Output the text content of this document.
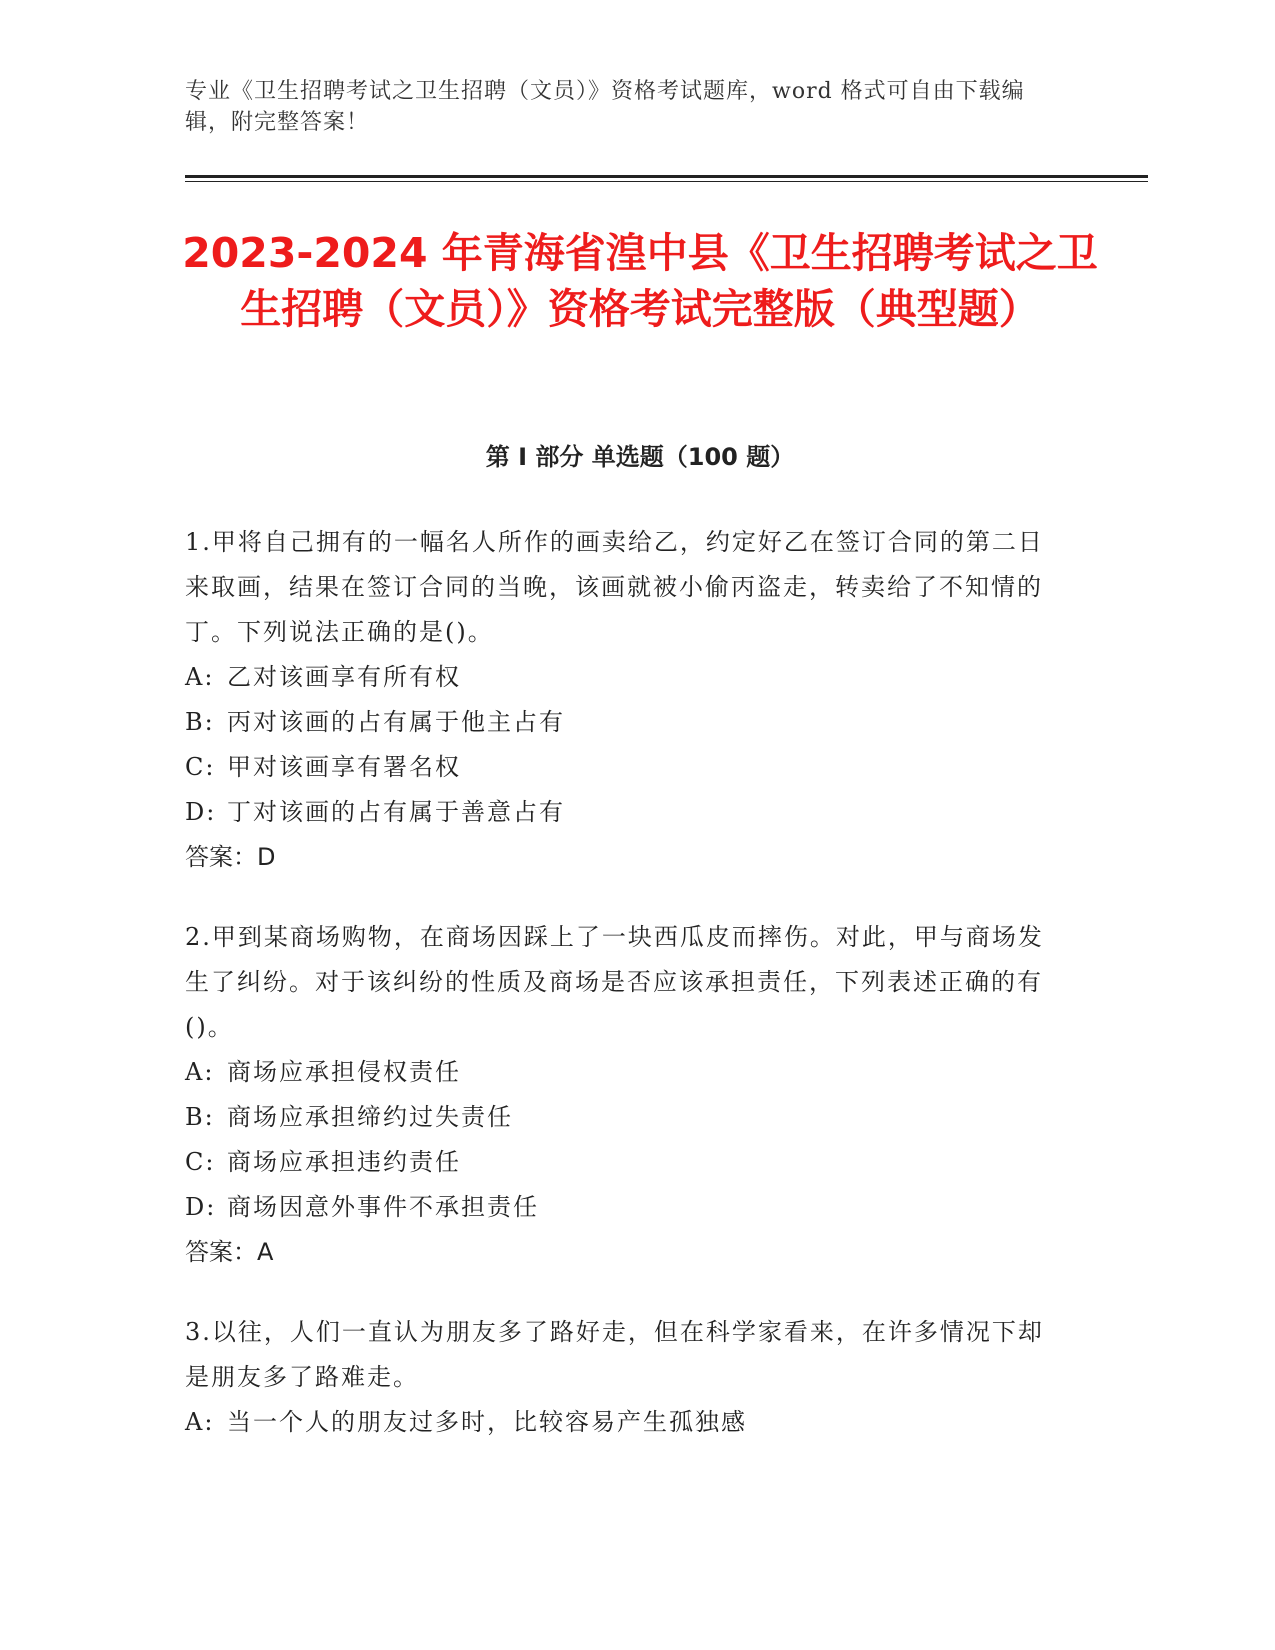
专业《卫生招聘考试之卫生招聘（文员）》资格考试题库，word 格式可自由下载编辑，附完整答案！
2023-2024 年青海省湟中县《卫生招聘考试之卫生招聘（文员）》资格考试完整版（典型题）
第 I 部分 单选题（100 题）

1.甲将自己拥有的一幅名人所作的画卖给乙，约定好乙在签订合同的第二日来取画，结果在签订合同的当晚，该画就被小偷丙盗走，转卖给了不知情的丁。下列说法正确的是()。

A: 乙对该画享有所有权

B: 丙对该画的占有属于他主占有

C: 甲对该画享有署名权

D: 丁对该画的占有属于善意占有

答案：D

2.甲到某商场购物，在商场因踩上了一块西瓜皮而摔伤。对此，甲与商场发生了纠纷。对于该纠纷的性质及商场是否应该承担责任，下列表述正确的有()。

A: 商场应承担侵权责任

B: 商场应承担缔约过失责任

C: 商场应承担违约责任

D: 商场因意外事件不承担责任

答案：A

3.以往，人们一直认为朋友多了路好走，但在科学家看来，在许多情况下却是朋友多了路难走。

A: 当一个人的朋友过多时，比较容易产生孤独感
